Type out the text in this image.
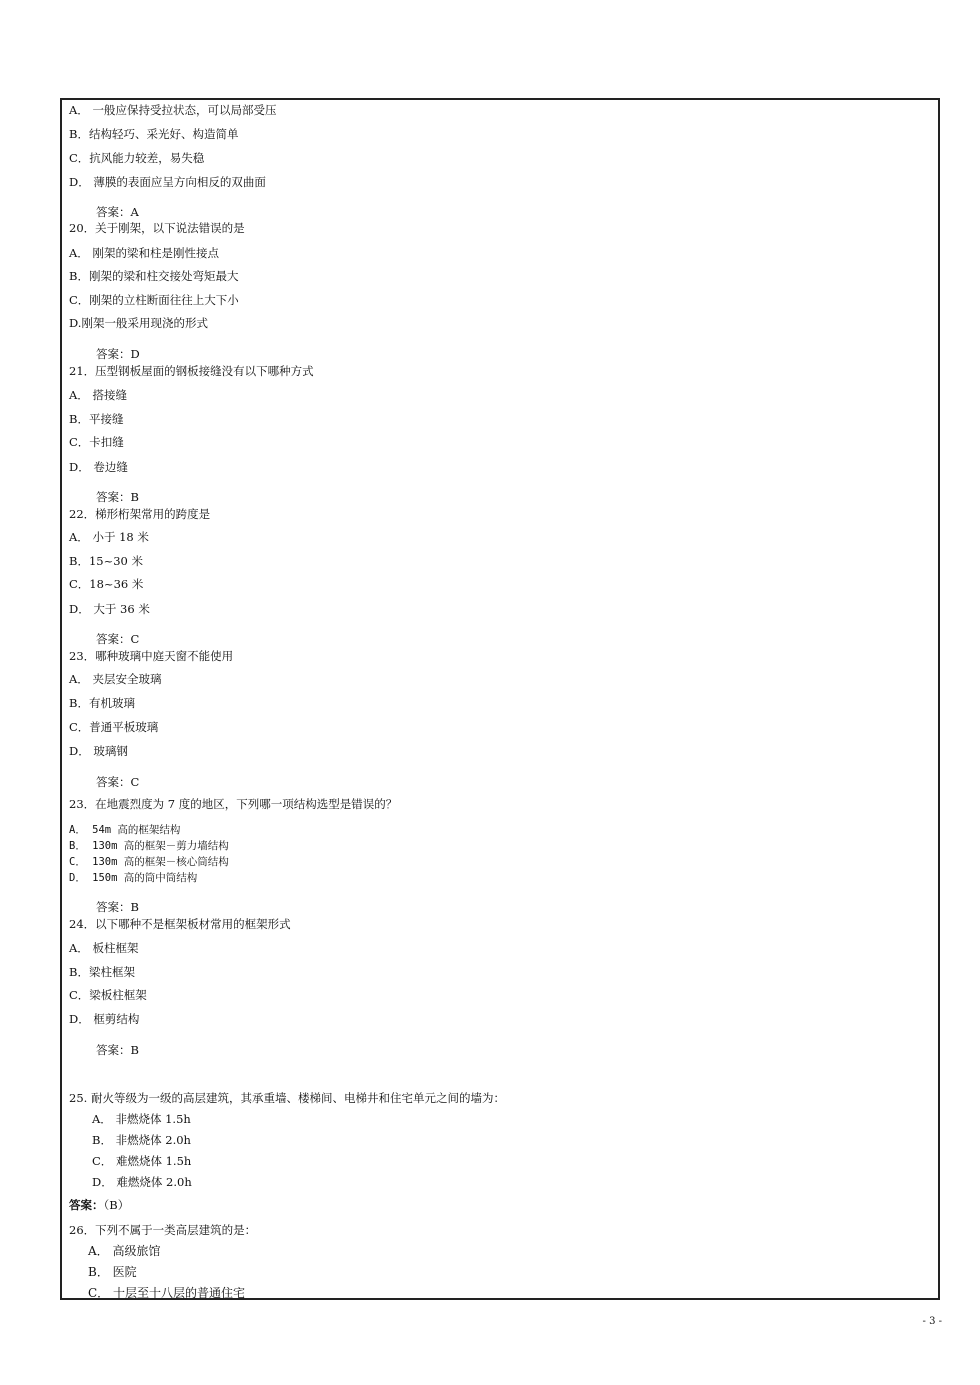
A． 一般应保持受拉状态，可以局部受压
B．结构轻巧、采光好、构造简单
C．抗风能力较差，易失稳
D． 薄膜的表面应呈方向相反的双曲面
答案：A
20．关于刚架，以下说法错误的是
A． 刚架的梁和柱是刚性接点
B．刚架的梁和柱交接处弯矩最大
C．刚架的立柱断面往往上大下小
D.刚架一般采用现浇的形式
答案：D
21．压型钢板屋面的钢板接缝没有以下哪种方式
A． 搭接缝
B．平接缝
C．卡扣缝
D． 卷边缝
答案：B
22．梯形桁架常用的跨度是
A． 小于 18 米
B．15~30 米
C．18~36 米
D． 大于 36 米
答案：C
23．哪种玻璃中庭天窗不能使用
A． 夹层安全玻璃
B．有机玻璃
C．普通平板玻璃
D． 玻璃钢
答案：C
23．在地震烈度为 7 度的地区，下列哪一项结构选型是错误的？
A． 54m 高的框架结构
B． 130m 高的框架－剪力墙结构
C． 130m 高的框架－核心筒结构
D． 150m 高的筒中筒结构
答案：B
24．以下哪种不是框架板材常用的框架形式
A． 板柱框架
B．梁柱框架
C．梁板柱框架
D． 框剪结构
答案：B
25. 耐火等级为一级的高层建筑，其承重墙、楼梯间、电梯井和住宅单元之间的墙为：
A． 非燃烧体 1.5h
B． 非燃烧体 2.0h
C． 难燃烧体 1.5h
D． 难燃烧体 2.0h
答案：（B）
26．下列不属于一类高层建筑的是：
A． 高级旅馆
B． 医院
C． 十层至十八层的普通住宅
- 3 -
